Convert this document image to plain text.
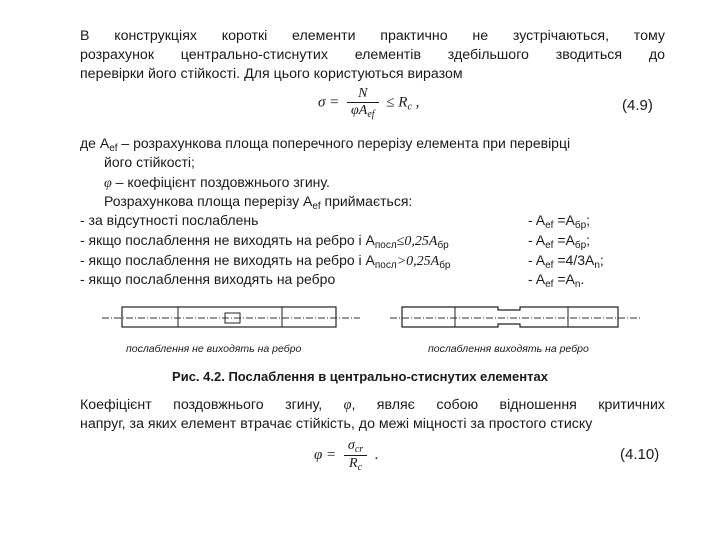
В конструкціях короткі елементи практично не зустрічаються, тому
розрахунок центрально-стиснутих елементів здебільшого зводиться до
перевірки його стійкості. Для цього користуються виразом
$\sigma = \frac{N}{\varphi A_{ef}} \le R_c$ ,	(4.9)
де $A_{ef}$ – розрахункова площа поперечного перерізу елемента при перевірці
його стійкості;
φ – коефіцієнт поздовжнього згину.
Розрахункова площа перерізу $A_{ef}$ приймається:
- за відсутності послаблень	- $A_{ef} =A_{бр}$;
- якщо послаблення не виходять на ребро і $A_{посл}\le 0,25A_{бр}$	- $A_{ef} =A_{бр}$;
- якщо послаблення не виходять на ребро і $A_{посл}>0,25A_{бр}$	- $A_{ef} =4/3A_n$;
- якщо послаблення виходять на ребро	- $A_{ef} =A_n$.
послаблення не виходять на ребро	послаблення виходять на ребро
Рис. 4.2. Послаблення в центрально-стиснутих елементах
Коефіцієнт поздовжнього згину, φ, являє собою відношення критичних
напруг, за яких елемент втрачає стійкість, до межі міцності за простого стиску
$\varphi = \frac{\sigma_{cr}}{R_c}$ .	(4.10)
